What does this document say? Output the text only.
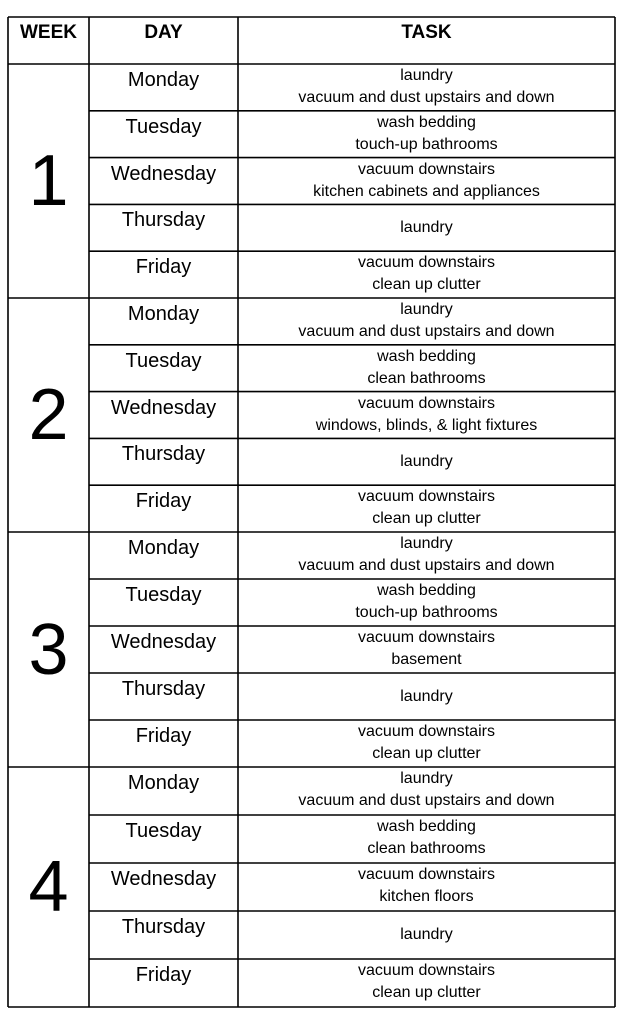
WEEK	DAY	TASK
1
Monday	laundry
vacuum and dust upstairs and down
Tuesday	wash bedding
touch-up bathrooms
Wednesday	vacuum downstairs
kitchen cabinets and appliances
Thursday	laundry
Friday	vacuum downstairs
clean up clutter
2
Monday	laundry
vacuum and dust upstairs and down
Tuesday	wash bedding
clean bathrooms
Wednesday	vacuum downstairs
windows, blinds, & light fixtures
Thursday	laundry
Friday	vacuum downstairs
clean up clutter
3
Monday	laundry
vacuum and dust upstairs and down
Tuesday	wash bedding
touch-up bathrooms
Wednesday	vacuum downstairs
basement
Thursday	laundry
Friday	vacuum downstairs
clean up clutter
4
Monday	laundry
vacuum and dust upstairs and down
Tuesday	wash bedding
clean bathrooms
Wednesday	vacuum downstairs
kitchen floors
Thursday	laundry
Friday	vacuum downstairs
clean up clutter
